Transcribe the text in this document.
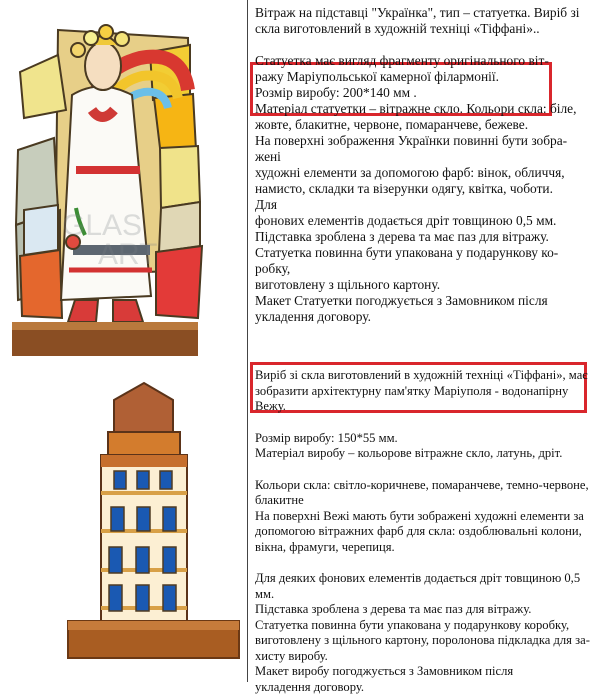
GLAS
ART

Вітраж на підставці "Українка", тип – статуетка. Виріб зі скла виготовлений в художній техніці «Тіффані»..

Статуетка має вигляд фрагменту оригінального віт-

ражу Маріупольської камерної філармонії.

Розмір виробу: 200*140 мм .

Матеріал статуетки – вітражне скло. Кольори скла: біле,

жовте, блакитне, червоне, помаранчеве, бежеве.

На поверхні зображення Українки повинні бути зобра-

жені

художні елементи за допомогою фарб: вінок, обличчя,

намисто, складки та візерунки одягу, квітка, чоботи.

Для

фонових елементів додається дріт товщиною 0,5 мм.

Підставка зроблена з дерева та має паз для вітражу.

Статуетка повинна бути упакована у подарункову ко-

робку,

виготовлену з щільного картону.

Макет Статуетки погоджується з Замовником після

укладення договору.

Виріб зі скла виготовлений в художній техніці «Тіффані», має

зобразити архітектурну пам'ятку Маріуполя - водонапірну

Вежу.

Розмір виробу: 150*55 мм.

Матеріал виробу – кольорове вітражне скло, латунь, дріт.

Кольори скла: світло-коричневе, помаранчеве, темно-червоне,

блакитне

На поверхні Вежі мають бути зображені художні елементи за

допомогою вітражних фарб для скла: оздоблювальні колони,

вікна, фрамуги, черепиця.

Для деяких фонових елементів додається дріт товщиною 0,5

мм.

Підставка зроблена з дерева та має паз для вітражу.

Статуетка повинна бути упакована у подарункову коробку,

виготовлену з щільного картону, поролонова підкладка для за-

хисту виробу.

Макет виробу погоджується з Замовником після

укладення договору.
